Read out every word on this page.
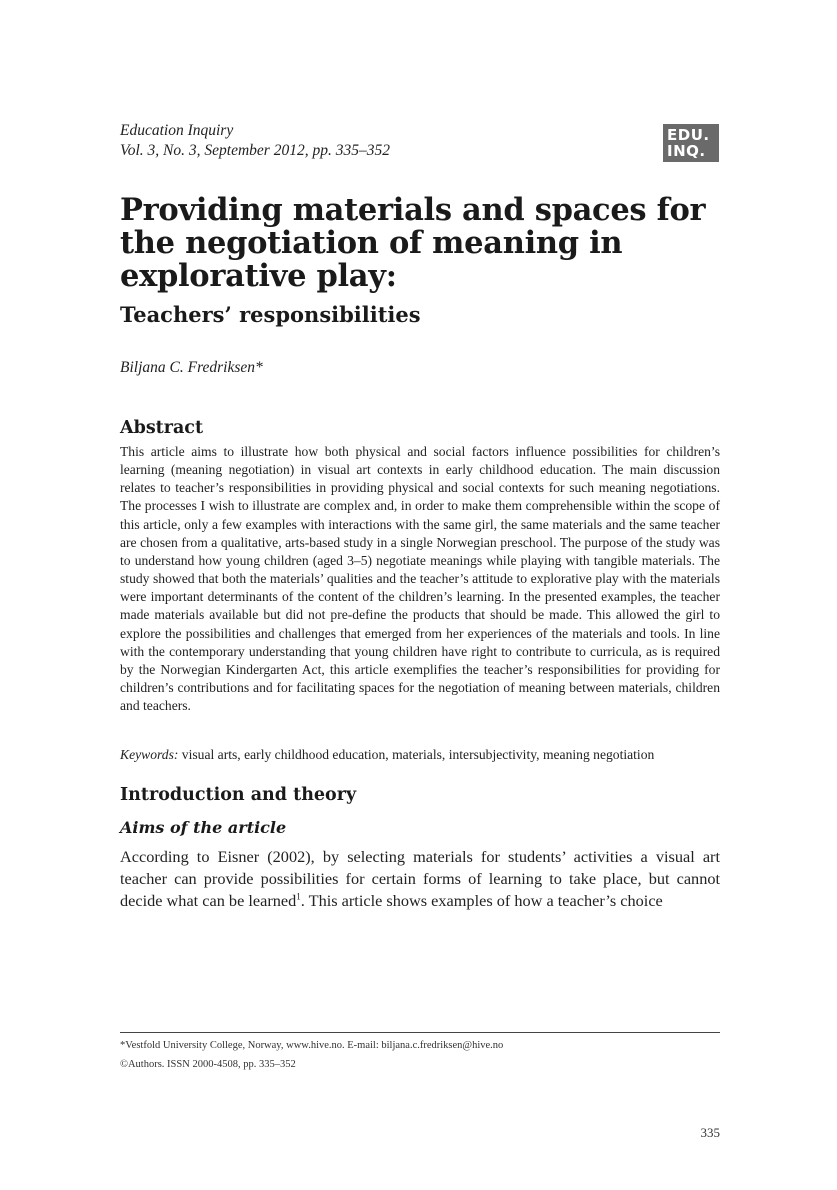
Education Inquiry
Vol. 3, No. 3, September 2012, pp. 335–352
EDU.
INQ.
Providing materials and spaces for the negotiation of meaning in explorative play:
Teachers’ responsibilities
Biljana C. Fredriksen*
Abstract

This article aims to illustrate how both physical and social factors influence possibilities for children’s learning (meaning negotiation) in visual art contexts in early childhood education. The main discussion relates to teacher’s responsibilities in providing physical and social contexts for such meaning negotiations. The processes I wish to illustrate are complex and, in order to make them comprehensible within the scope of this article, only a few examples with interactions with the same girl, the same materials and the same teacher are chosen from a qualitative, arts-based study in a single Norwegian preschool. The purpose of the study was to understand how young children (aged 3–5) negotiate meanings while playing with tangible materials. The study showed that both the materials’ qualities and the teacher’s attitude to explorative play with the materials were important determinants of the content of the children’s learning. In the presented examples, the teacher made materials available but did not pre-define the products that should be made. This allowed the girl to explore the possibilities and challenges that emerged from her experiences of the materials and tools. In line with the contemporary understanding that young children have right to contribute to curricula, as is required by the Norwegian Kindergarten Act, this article exemplifies the teacher’s responsibilities for providing for children’s contributions and for facilitating spaces for the negotiation of meaning between materials, children and teachers.

Keywords: visual arts, early childhood education, materials, intersubjectivity, meaning negotiation
Introduction and theory
Aims of the article

According to Eisner (2002), by selecting materials for students’ activities a visual art teacher can provide possibilities for certain forms of learning to take place, but cannot decide what can be learned$^1$. This article shows examples of how a teacher’s choice

*Vestfold University College, Norway, www.hive.no. E-mail: biljana.c.fredriksen@hive.no
©Authors. ISSN 2000-4508, pp. 335–352
335
